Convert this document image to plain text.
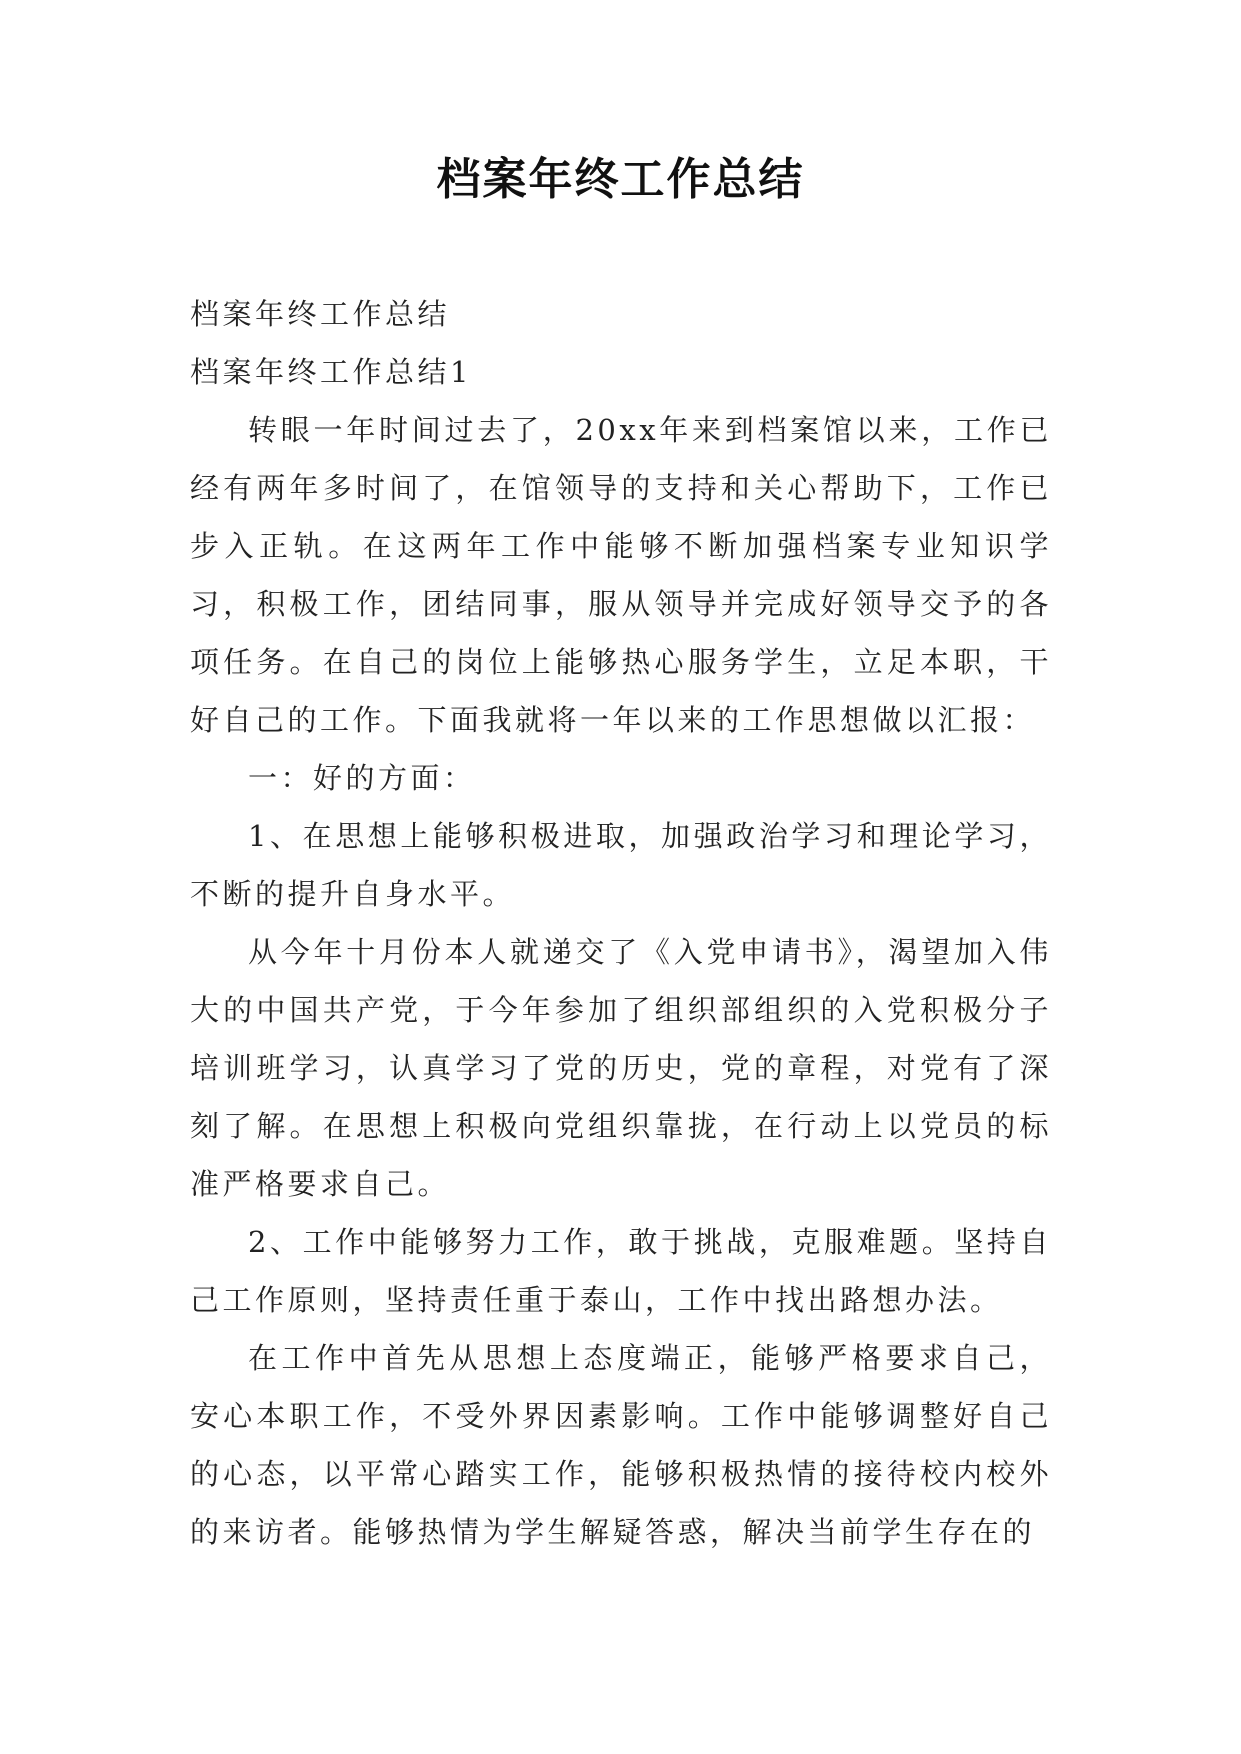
档案年终工作总结

档案年终工作总结

档案年终工作总结1

转眼一年时间过去了，20xx年来到档案馆以来，工作已经有两年多时间了，在馆领导的支持和关心帮助下，工作已步入正轨。在这两年工作中能够不断加强档案专业知识学习，积极工作，团结同事，服从领导并完成好领导交予的各项任务。在自己的岗位上能够热心服务学生，立足本职，干好自己的工作。下面我就将一年以来的工作思想做以汇报：

一：好的方面：

1、在思想上能够积极进取，加强政治学习和理论学习，不断的提升自身水平。

从今年十月份本人就递交了《入党申请书》，渴望加入伟大的中国共产党，于今年参加了组织部组织的入党积极分子培训班学习，认真学习了党的历史，党的章程，对党有了深刻了解。在思想上积极向党组织靠拢，在行动上以党员的标准严格要求自己。

2、工作中能够努力工作，敢于挑战，克服难题。坚持自己工作原则，坚持责任重于泰山，工作中找出路想办法。

在工作中首先从思想上态度端正，能够严格要求自己，安心本职工作，不受外界因素影响。工作中能够调整好自己的心态，以平常心踏实工作，能够积极热情的接待校内校外的来访者。能够热情为学生解疑答惑，解决当前学生存在的
